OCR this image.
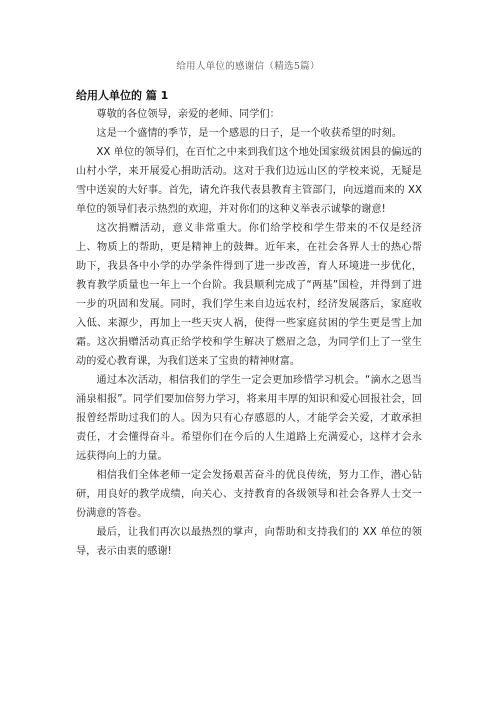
给用人单位的感谢信（精选5篇）
给用人单位的 篇 1

尊敬的各位领导，亲爱的老师、同学们：

这是一个盛情的季节，是一个感恩的日子，是一个收获希望的时刻。

XX 单位的领导们，在百忙之中来到我们这个地处国家级贫困县的偏远的山村小学，来开展爱心捐助活动。这对于我们边远山区的学校来说，无疑是雪中送炭的大好事。首先，请允许我代表县教育主管部门，向远道而来的 XX 单位的领导们表示热烈的欢迎，并对你们的这种义举表示诚挚的谢意!

这次捐赠活动，意义非常重大。你们给学校和学生带来的不仅是经济上、物质上的帮助，更是精神上的鼓舞。近年来，在社会各界人士的热心帮助下，我县各中小学的办学条件得到了进一步改善，育人环境进一步优化，教育教学质量也一年上一个台阶。我县顺利完成了“两基”国检，并得到了进一步的巩固和发展。同时，我们学生来自边远农村，经济发展落后，家庭收入低、来源少，再加上一些天灾人祸，使得一些家庭贫困的学生更是雪上加霜。这次捐赠活动真正给学校和学生解决了燃眉之急，为同学们上了一堂生动的爱心教育课，为我们送来了宝贵的精神财富。

通过本次活动，相信我们的学生一定会更加珍惜学习机会。“滴水之恩当涌泉相报”。同学们要加倍努力学习，将来用丰厚的知识和爱心回报社会，回报曾经帮助过我们的人。因为只有心存感恩的人，才能学会关爱，才敢承担责任，才会懂得奋斗。希望你们在今后的人生道路上充满爱心，这样才会永远获得向上的力量。

相信我们全体老师一定会发扬艰苦奋斗的优良传统，努力工作，潜心钻研，用良好的教学成绩，向关心、支持教育的各级领导和社会各界人士交一份满意的答卷。

最后，让我们再次以最热烈的掌声，向帮助和支持我们的 XX 单位的领导，表示由衷的感谢!
